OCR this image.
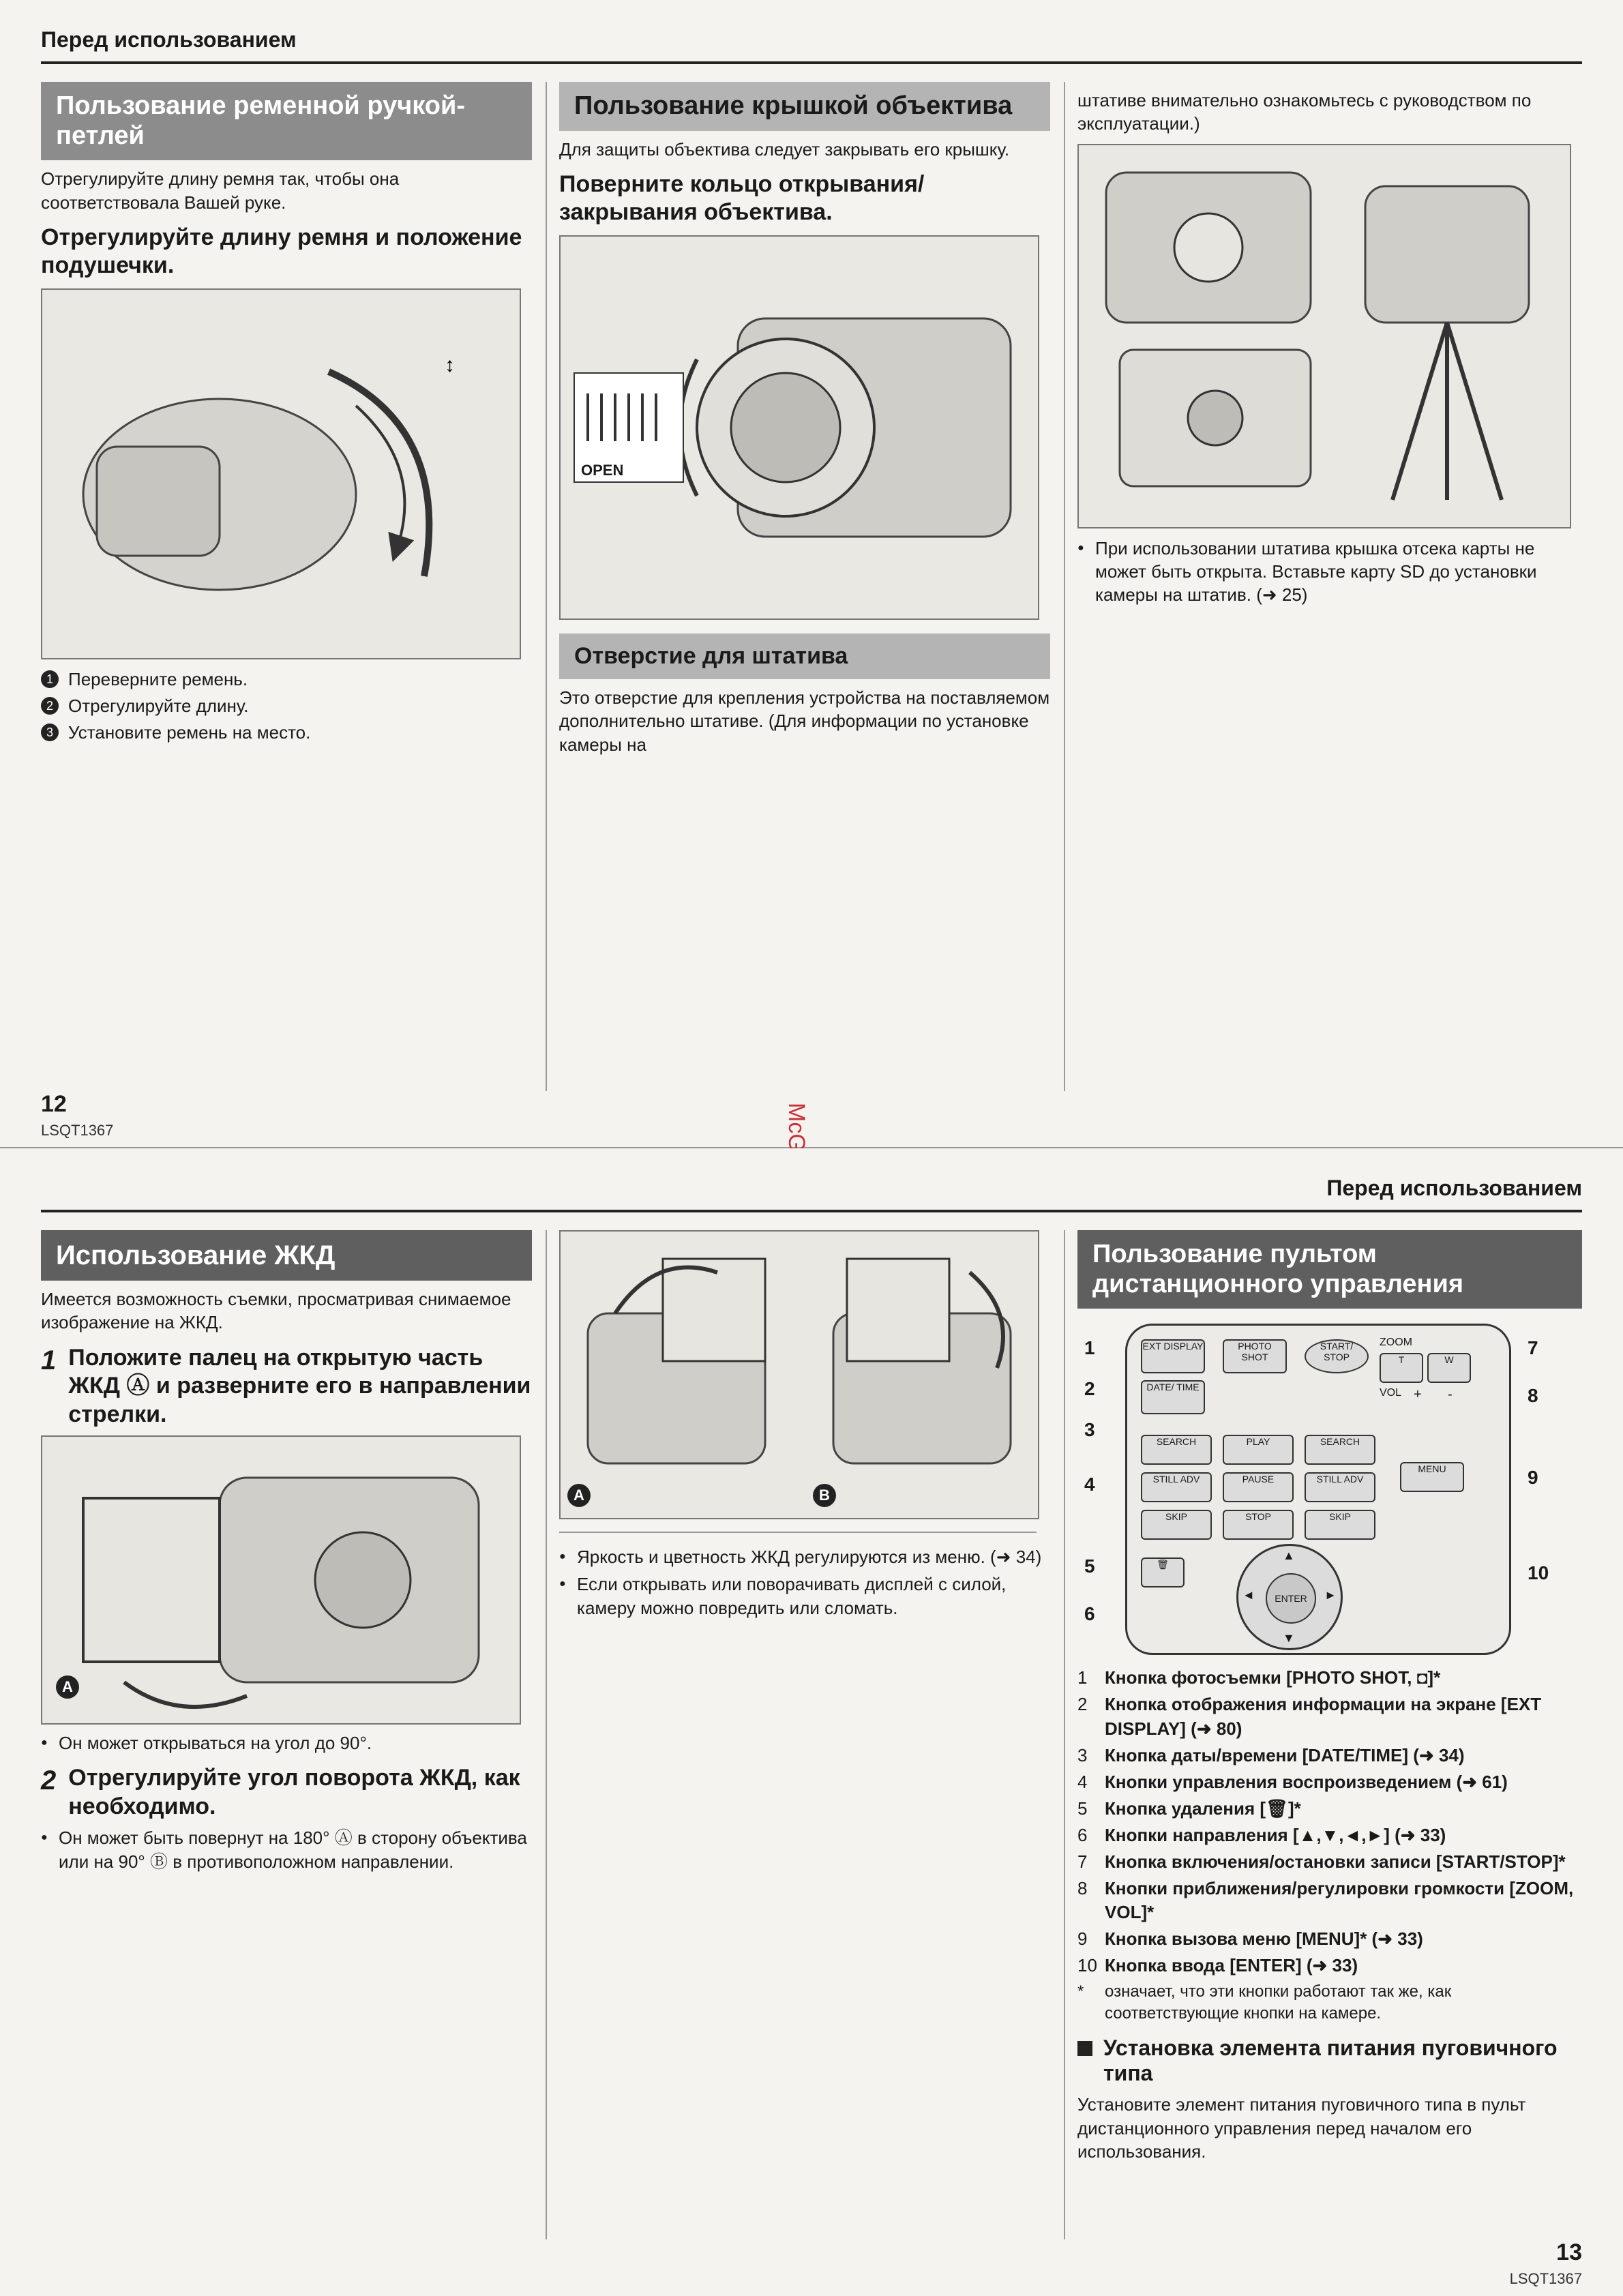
Перед использованием
Пользование ременной ручкой-петлей
Отрегулируйте длину ремня так, чтобы она соответствовала Вашей руке.
Отрегулируйте длину ремня и положение подушечки.
↕
1 Переверните ремень.
2 Отрегулируйте длину.
3 Установите ремень на место.
Пользование крышкой объектива
Для защиты объектива следует закрывать его крышку.
Поверните кольцо открывания/закрывания объектива.
OPEN
Отверстие для штатива
Это отверстие для крепления устройства на поставляемом дополнительно штативе. (Для информации по установке камеры на
штативе внимательно ознакомьтесь с руководством по эксплуатации.)
● При использовании штатива крышка отсека карты не может быть открыта. Вставьте карту SD до установки камеры на штатив. (➜ 25)
12
LSQT1367
Перед использованием
Использование ЖКД
Имеется возможность съемки, просматривая снимаемое изображение на ЖКД.
1 Положите палец на открытую часть ЖКД Ⓐ и разверните его в направлении стрелки.
A
● Он может открываться на угол до 90°.
2 Отрегулируйте угол поворота ЖКД, как необходимо.
● Он может быть повернут на 180° Ⓐ в сторону объектива или на 90° Ⓑ в противоположном направлении.
A	B
● Яркость и цветность ЖКД регулируются из меню. (➜ 34)
● Если открывать или поворачивать дисплей с силой, камеру можно повредить или сломать.
Пользование пультом дистанционного управления
EXT DISPLAY
DATE/ TIME
PHOTO SHOT
START/ STOP
ZOOM
T	W
VOL + -
SEARCH	PLAY	SEARCH
STILL ADV	PAUSE	STILL ADV
SKIP	STOP	SKIP
🗑
MENU
▲
▼
◄	►
ENTER
1
2
3
4
5
6
7
8
9
10
1 Кнопка фотосъемки [PHOTO SHOT, ◘]*
2 Кнопка отображения информации на экране [EXT DISPLAY] (➜ 80)
3 Кнопка даты/времени [DATE/TIME] (➜ 34)
4 Кнопки управления воспроизведением (➜ 61)
5 Кнопка удаления [🗑]*
6 Кнопки направления [▲,▼,◄,►] (➜ 33)
7 Кнопка включения/остановки записи [START/STOP]*
8 Кнопки приближения/регулировки громкости [ZOOM, VOL]*
9 Кнопка вызова меню [MENU]* (➜ 33)
10 Кнопка ввода [ENTER] (➜ 33)
*	означает, что эти кнопки работают так же, как соответствующие кнопки на камере.
Установка элемента питания пуговичного типа
Установите элемент питания пуговичного типа в пульт дистанционного управления перед началом его использования.
13
LSQT1367
